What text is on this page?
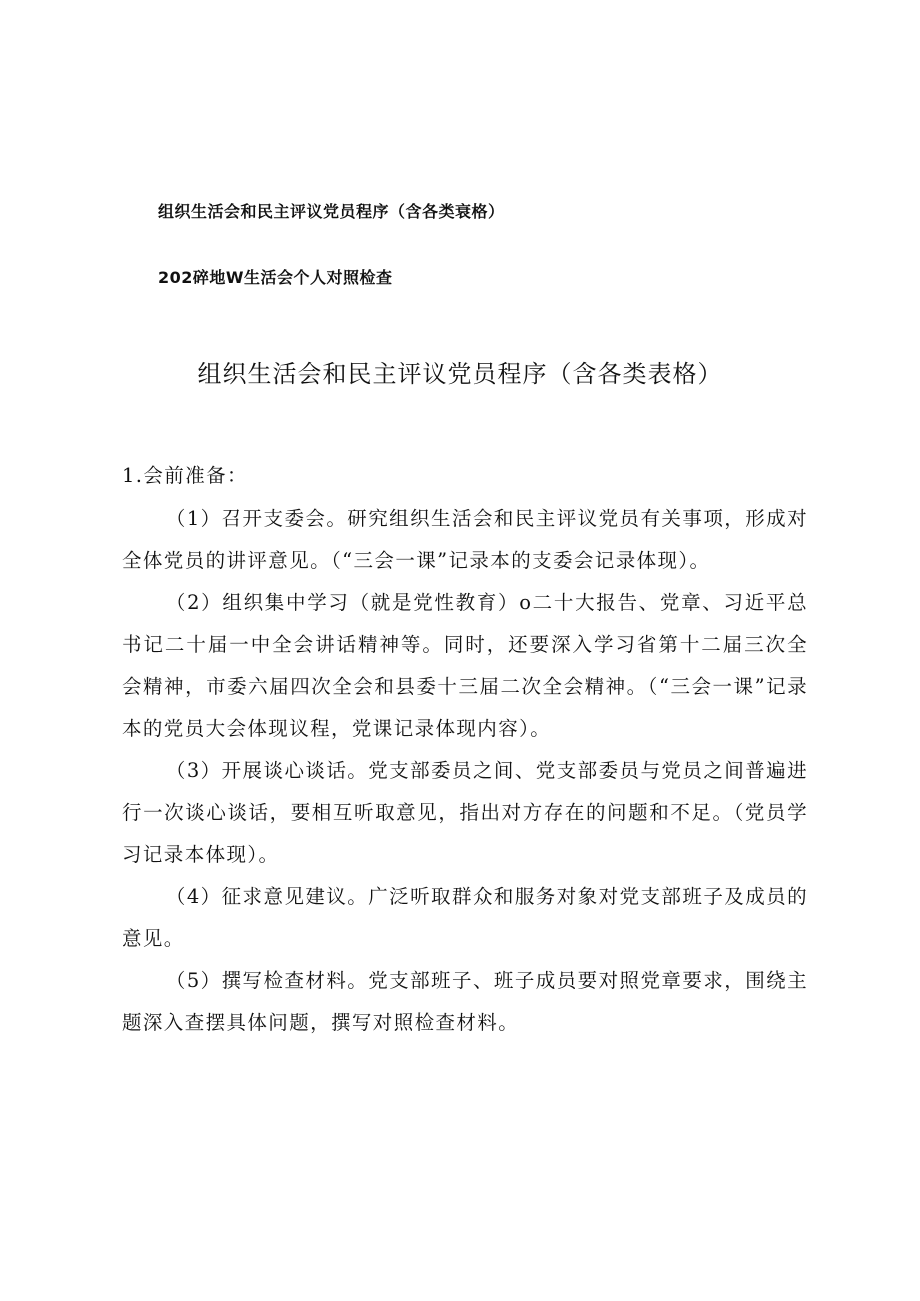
组织生活会和民主评议党员程序（含各类衰格）
202碎地W生活会个人对照检查
组织生活会和民主评议党员程序（含各类表格）

1.会前准备：

（1）召开支委会。研究组织生活会和民主评议党员有关事项，形成对全体党员的讲评意见。（“三会一课”记录本的支委会记录体现）。

（2）组织集中学习（就是党性教育）o二十大报告、党章、习近平总书记二十届一中全会讲话精神等。同时，还要深入学习省第十二届三次全会精神，市委六届四次全会和县委十三届二次全会精神。（“三会一课”记录本的党员大会体现议程，党课记录体现内容）。

（3）开展谈心谈话。党支部委员之间、党支部委员与党员之间普遍进行一次谈心谈话，要相互听取意见，指出对方存在的问题和不足。（党员学习记录本体现）。

（4）征求意见建议。广泛听取群众和服务对象对党支部班子及成员的意见。

（5）撰写检查材料。党支部班子、班子成员要对照党章要求，围绕主题深入查摆具体问题，撰写对照检查材料。
